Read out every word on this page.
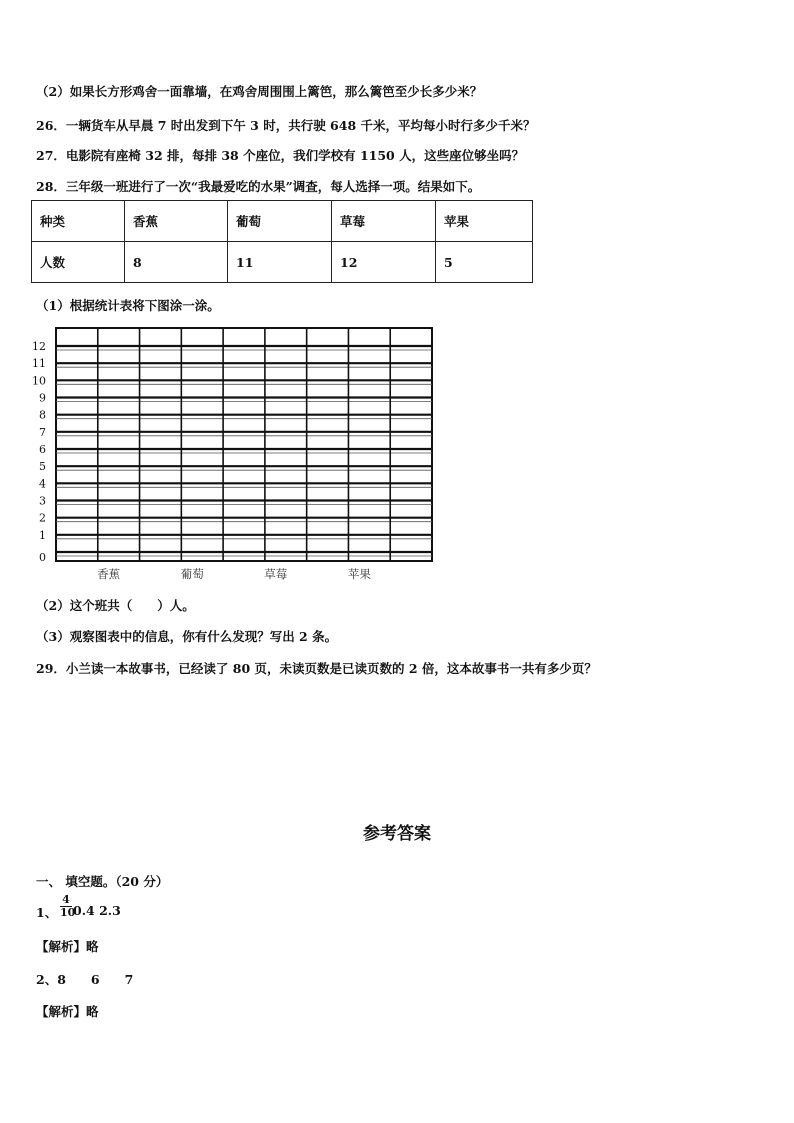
（2）如果长方形鸡舍一面靠墙，在鸡舍周围围上篱笆，那么篱笆至少长多少米？
26．一辆货车从早晨 7 时出发到下午 3 时，共行驶 648 千米，平均每小时行多少千米？
27．电影院有座椅 32 排，每排 38 个座位，我们学校有 1150 人，这些座位够坐吗？
28．三年级一班进行了一次“我最爱吃的水果”调查，每人选择一项。结果如下。
种类	香蕉	葡萄	草莓	苹果
人数	8	11	12	5
（1）根据统计表将下图涂一涂。
0
1
2
3
4
5
6
7
8
9
10
11
12
香蕉	葡萄	草莓	苹果
（2）这个班共（　　）人。
（3）观察图表中的信息，你有什么发现？写出 2 条。
29．小兰读一本故事书，已经读了 80 页，未读页数是已读页数的 2 倍，这本故事书一共有多少页？
参考答案
一、 填空题。（20 分）
1、 $\frac{4}{10} 0.4$ 2.3
【解析】略
2、8　　6　　7
【解析】略
